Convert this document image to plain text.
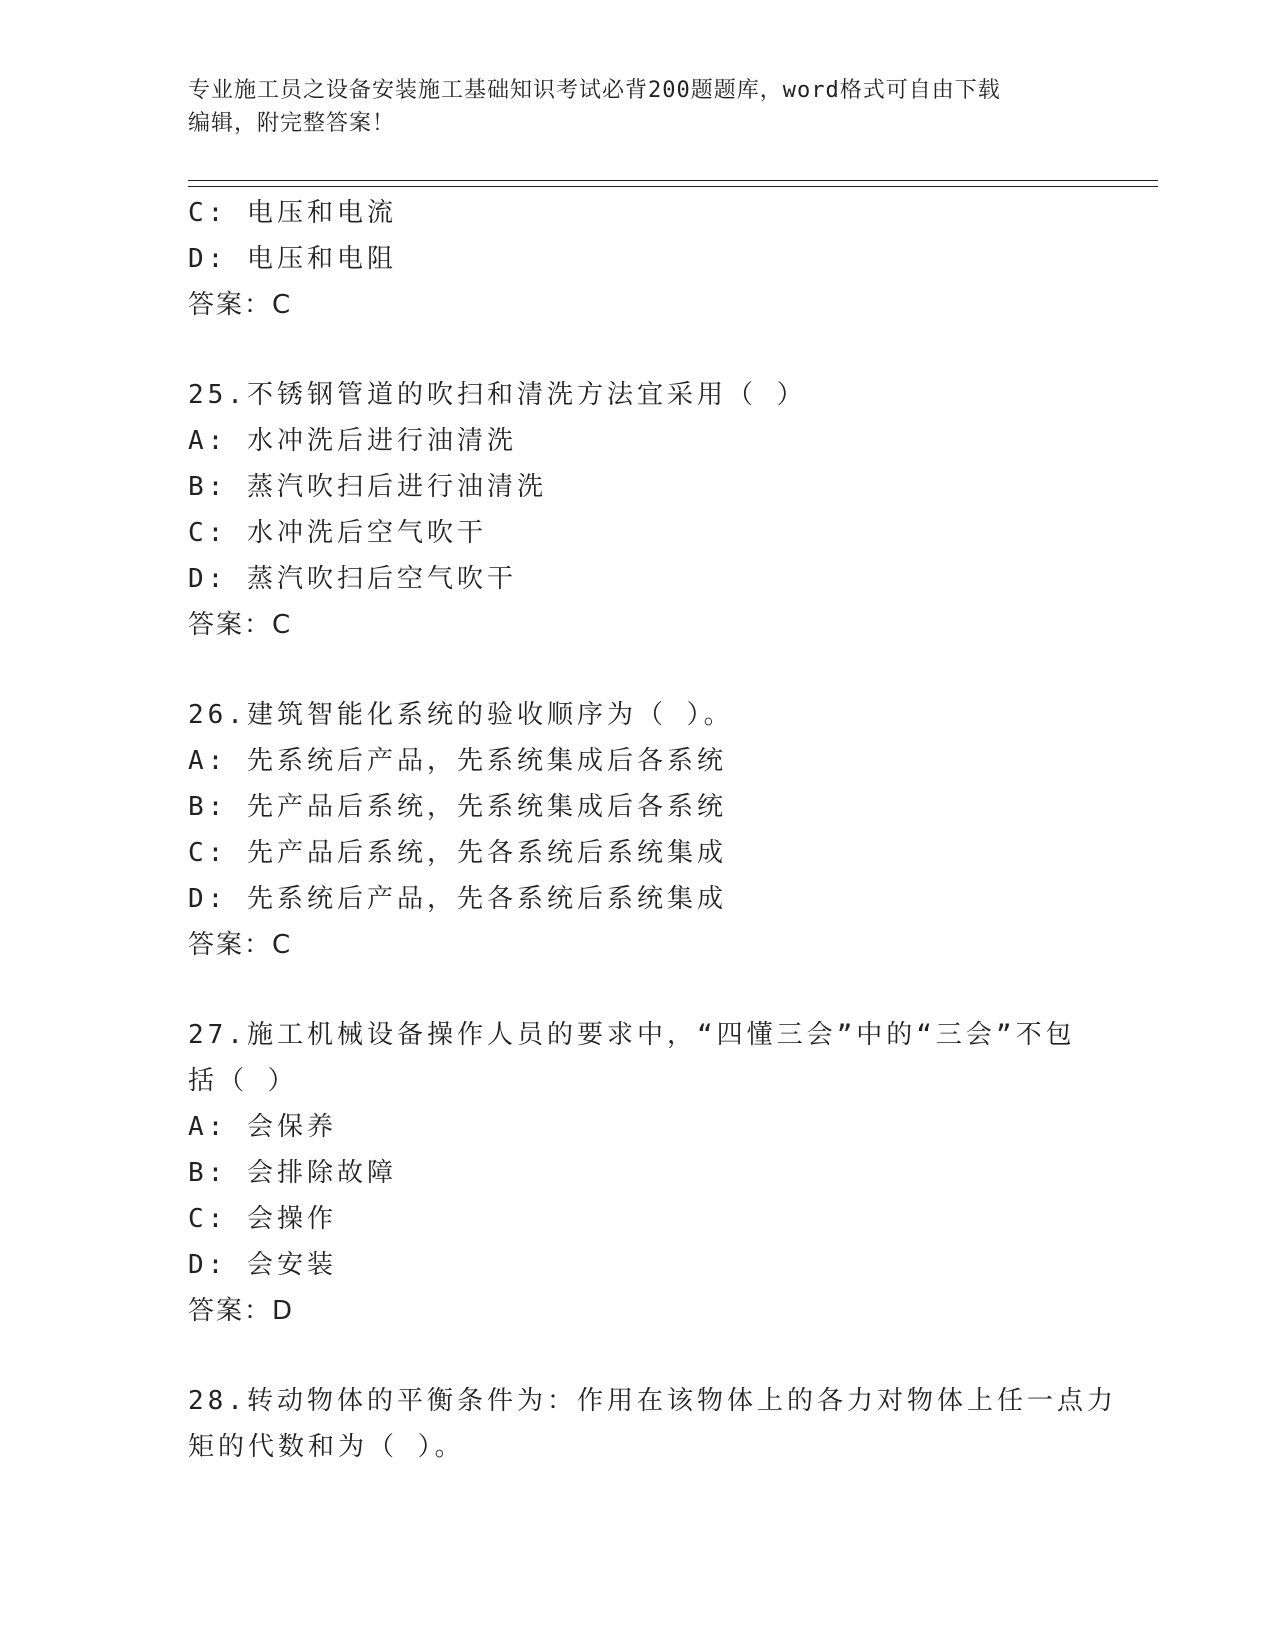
专业施工员之设备安装施工基础知识考试必背200题题库，word格式可自由下载
编辑，附完整答案！
C: 电压和电流
D: 电压和电阻
答案：C
25.不锈钢管道的吹扫和清洗方法宜采用（ ）
A: 水冲洗后进行油清洗
B: 蒸汽吹扫后进行油清洗
C: 水冲洗后空气吹干
D: 蒸汽吹扫后空气吹干
答案：C
26.建筑智能化系统的验收顺序为（ ）。
A: 先系统后产品，先系统集成后各系统
B: 先产品后系统，先系统集成后各系统
C: 先产品后系统，先各系统后系统集成
D: 先系统后产品，先各系统后系统集成
答案：C
27.施工机械设备操作人员的要求中，“四懂三会”中的“三会”不包
括（ ）
A: 会保养
B: 会排除故障
C: 会操作
D: 会安装
答案：D
28.转动物体的平衡条件为：作用在该物体上的各力对物体上任一点力
矩的代数和为（ ）。
